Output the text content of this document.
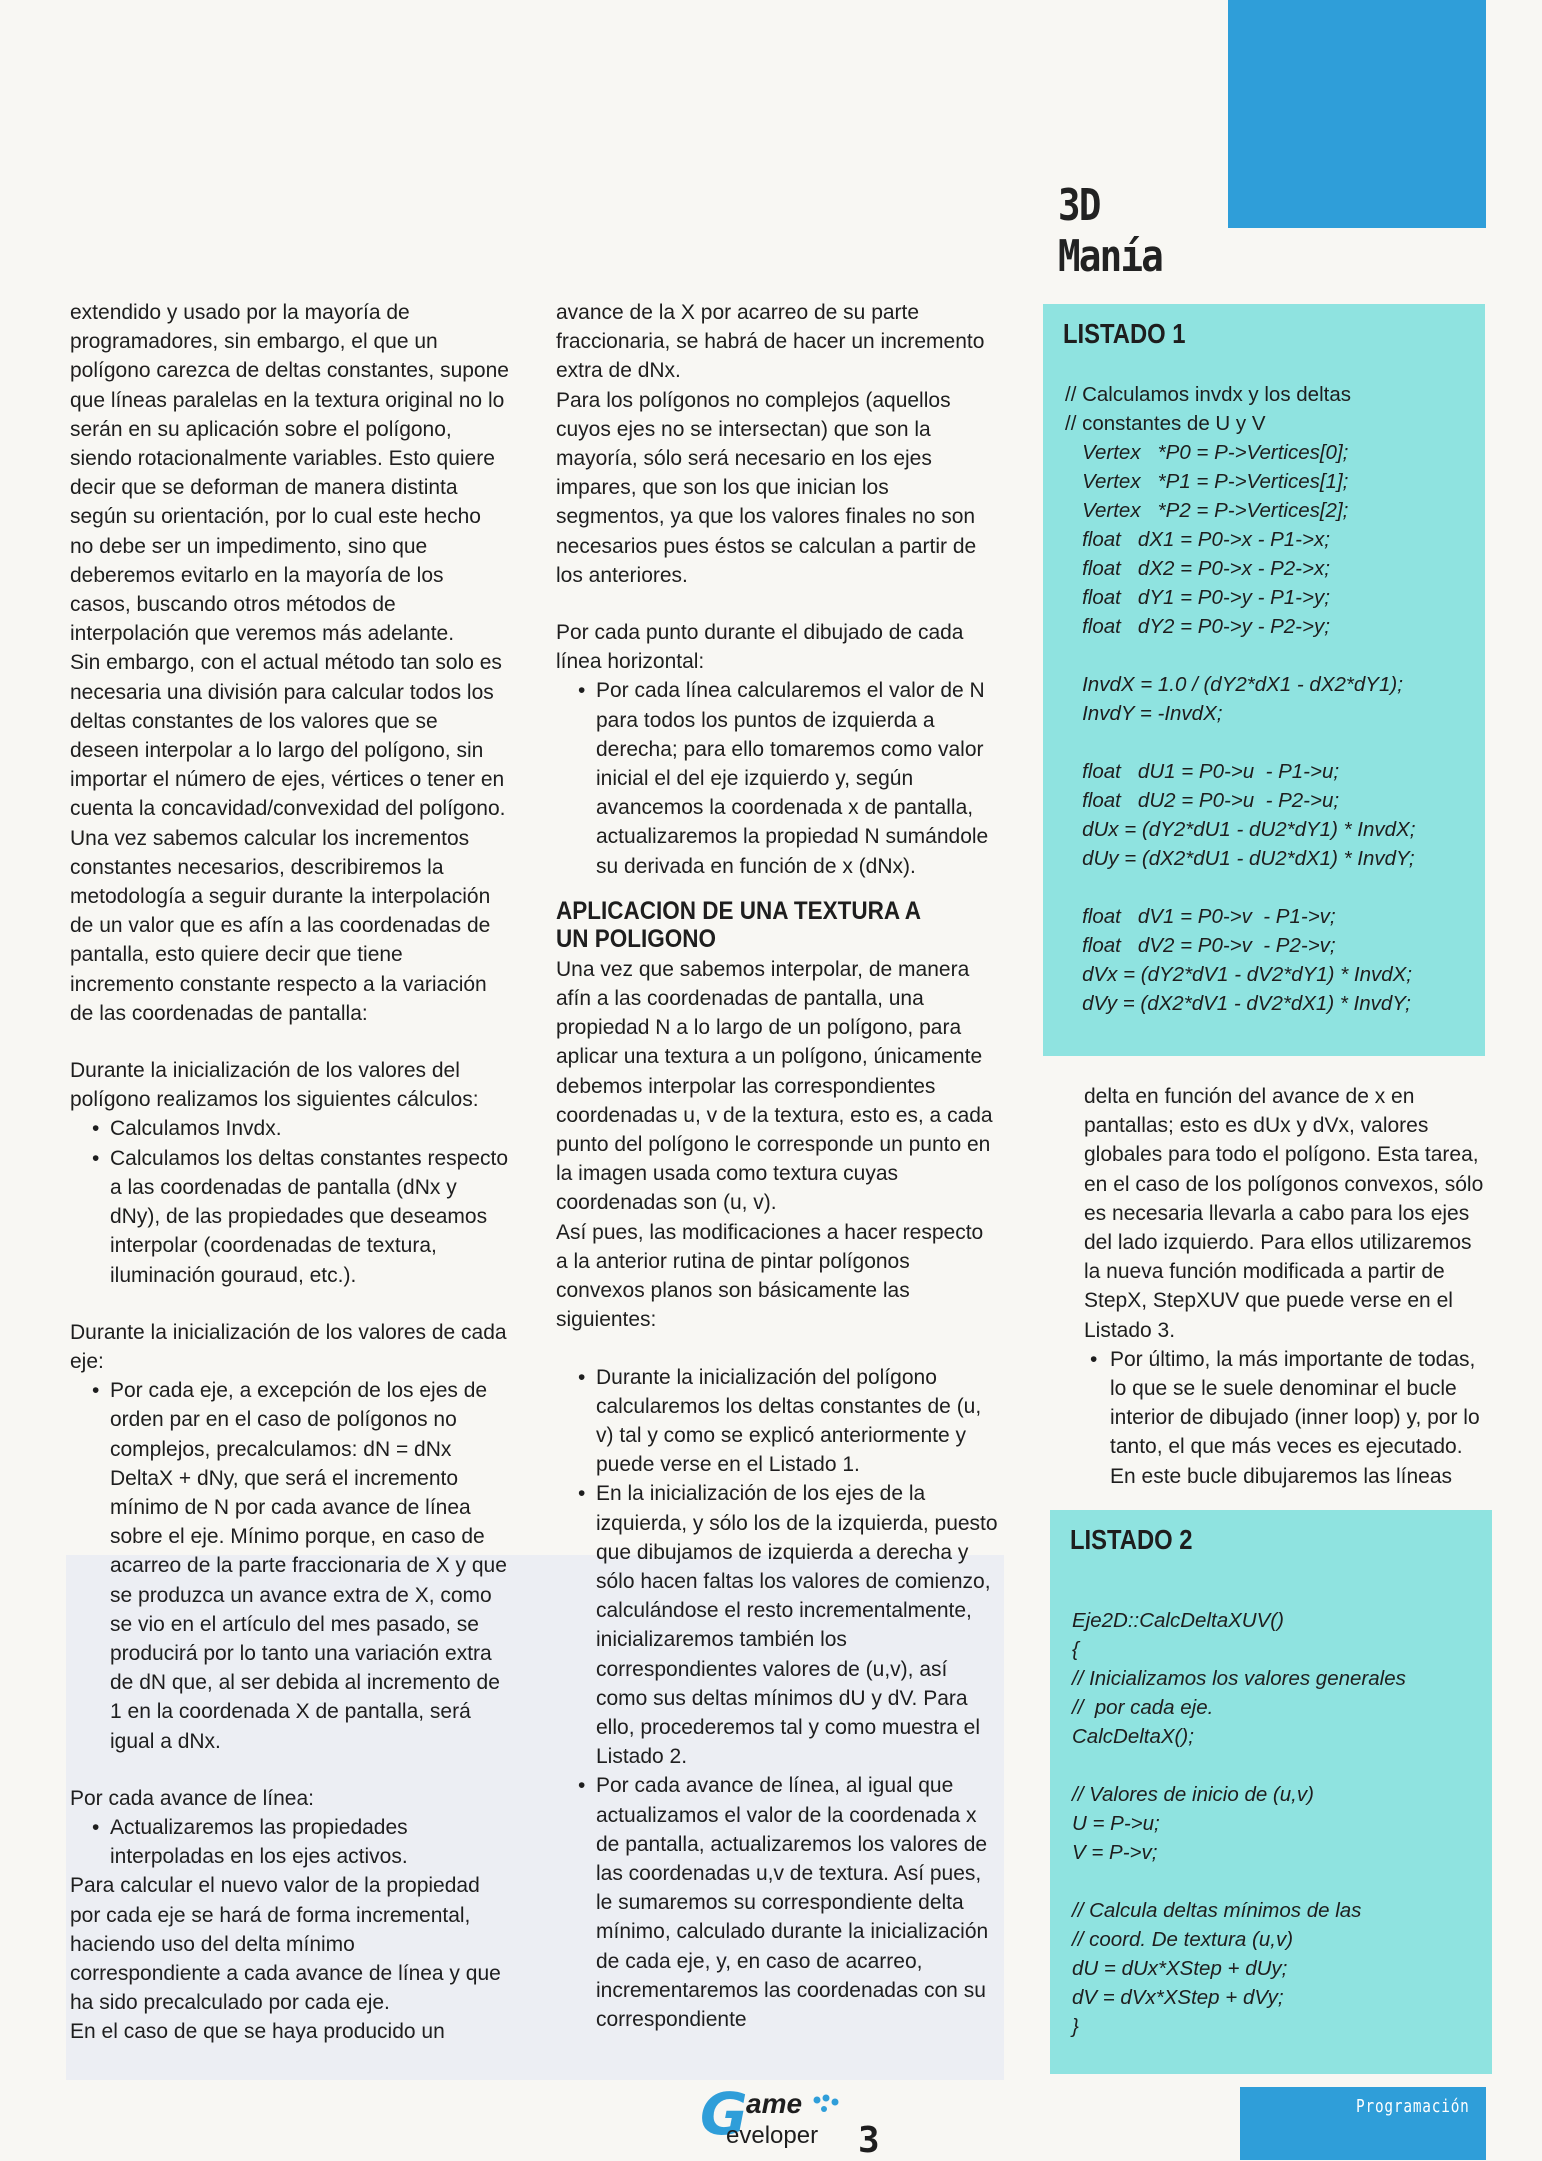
3D Manía

extendido y usado por la mayoría de programadores, sin embargo, el que un polígono carezca de deltas constantes, supone que líneas paralelas en la textura original no lo serán en su aplicación sobre el polígono, siendo rotacionalmente variables. Esto quiere decir que se deforman de manera distinta según su orientación, por lo cual este hecho no debe ser un impedimento, sino que deberemos evitarlo en la mayoría de los casos, buscando otros métodos de interpolación que veremos más adelante.

Sin embargo, con el actual método tan solo es necesaria una división para calcular todos los deltas constantes de los valores que se deseen interpolar a lo largo del polígono, sin importar el número de ejes, vértices o tener en cuenta la concavidad/convexidad del polígono.

Una vez sabemos calcular los incrementos constantes necesarios, describiremos la metodología a seguir durante la interpolación de un valor que es afín a las coordenadas de pantalla, esto quiere decir que tiene incremento constante respecto a la variación de las coordenadas de pantalla:

Durante la inicialización de los valores del polígono realizamos los siguientes cálculos:

• Calculamos Invdx.
• Calculamos los deltas constantes respecto a las coordenadas de pantalla (dNx y dNy), de las propiedades que deseamos interpolar (coordenadas de textura, iluminación gouraud, etc.).

Durante la inicialización de los valores de cada eje:

• Por cada eje, a excepción de los ejes de orden par en el caso de polígonos no complejos, precalculamos: dN = dNx DeltaX + dNy, que será el incremento mínimo de N por cada avance de línea sobre el eje. Mínimo porque, en caso de acarreo de la parte fraccionaria de X y que se produzca un avance extra de X, como se vio en el artículo del mes pasado, se producirá por lo tanto una variación extra de dN que, al ser debida al incremento de 1 en la coordenada X de pantalla, será igual a dNx.

Por cada avance de línea:

• Actualizaremos las propiedades interpoladas en los ejes activos.

Para calcular el nuevo valor de la propiedad por cada eje se hará de forma incremental, haciendo uso del delta mínimo correspondiente a cada avance de línea y que ha sido precalculado por cada eje.

En el caso de que se haya producido un

avance de la X por acarreo de su parte fraccionaria, se habrá de hacer un incremento extra de dNx.

Para los polígonos no complejos (aquellos cuyos ejes no se intersectan) que son la mayoría, sólo será necesario en los ejes impares, que son los que inician los segmentos, ya que los valores finales no son necesarios pues éstos se calculan a partir de los anteriores.

Por cada punto durante el dibujado de cada línea horizontal:

• Por cada línea calcularemos el valor de N para todos los puntos de izquierda a derecha; para ello tomaremos como valor inicial el del eje izquierdo y, según avancemos la coordenada x de pantalla, actualizaremos la propiedad N sumándole su derivada en función de x (dNx).
APLICACION DE UNA TEXTURA A UN POLIGONO

Una vez que sabemos interpolar, de manera afín a las coordenadas de pantalla, una propiedad N a lo largo de un polígono, para aplicar una textura a un polígono, únicamente debemos interpolar las correspondientes coordenadas u, v de la textura, esto es, a cada punto del polígono le corresponde un punto en la imagen usada como textura cuyas coordenadas son (u, v).

Así pues, las modificaciones a hacer respecto a la anterior rutina de pintar polígonos convexos planos son básicamente las siguientes:

• Durante la inicialización del polígono calcularemos los deltas constantes de (u, v) tal y como se explicó anteriormente y puede verse en el Listado 1.
• En la inicialización de los ejes de la izquierda, y sólo los de la izquierda, puesto que dibujamos de izquierda a derecha y sólo hacen faltas los valores de comienzo, calculándose el resto incrementalmente, inicializaremos también los correspondientes valores de (u,v), así como sus deltas mínimos dU y dV. Para ello, procederemos tal y como muestra el Listado 2.
• Por cada avance de línea, al igual que actualizamos el valor de la coordenada x de pantalla, actualizaremos los valores de las coordenadas u,v de textura. Así pues, le sumaremos su correspondiente delta mínimo, calculado durante la inicialización de cada eje, y, en caso de acarreo, incrementaremos las coordenadas con su correspondiente
LISTADO 1
// Calculamos invdx y los deltas
// constantes de U y V
Vertex   *P0 = P->Vertices[0];
Vertex   *P1 = P->Vertices[1];
Vertex   *P2 = P->Vertices[2];
float   dX1 = P0->x - P1->x;
float   dX2 = P0->x - P2->x;
float   dY1 = P0->y - P1->y;
float   dY2 = P0->y - P2->y;

InvdX = 1.0 / (dY2*dX1 - dX2*dY1);
InvdY = -InvdX;

float   dU1 = P0->u  - P1->u;
float   dU2 = P0->u  - P2->u;
dUx = (dY2*dU1 - dU2*dY1) * InvdX;
dUy = (dX2*dU1 - dU2*dX1) * InvdY;

float   dV1 = P0->v  - P1->v;
float   dV2 = P0->v  - P2->v;
dVx = (dY2*dV1 - dV2*dY1) * InvdX;
dVy = (dX2*dV1 - dV2*dX1) * InvdY;

delta en función del avance de x en pantallas; esto es dUx y dVx, valores globales para todo el polígono. Esta tarea, en el caso de los polígonos convexos, sólo es necesaria llevarla a cabo para los ejes del lado izquierdo. Para ellos utilizaremos la nueva función modificada a partir de StepX, StepXUV que puede verse en el Listado 3.

• Por último, la más importante de todas, lo que se le suele denominar el bucle interior de dibujado (inner loop) y, por lo tanto, el que más veces es ejecutado. En este bucle dibujaremos las líneas
LISTADO 2
Eje2D::CalcDeltaXUV()
{
// Inicializamos los valores generales
//  por cada eje.
CalcDeltaX();

// Valores de inicio de (u,v)
U = P->u;
V = P->v;

// Calcula deltas mínimos de las
// coord. De textura (u,v)
dU = dUx*XStep + dUy;
dV = dVx*XStep + dVy;
}
G
ame
eveloper 3
Programación
